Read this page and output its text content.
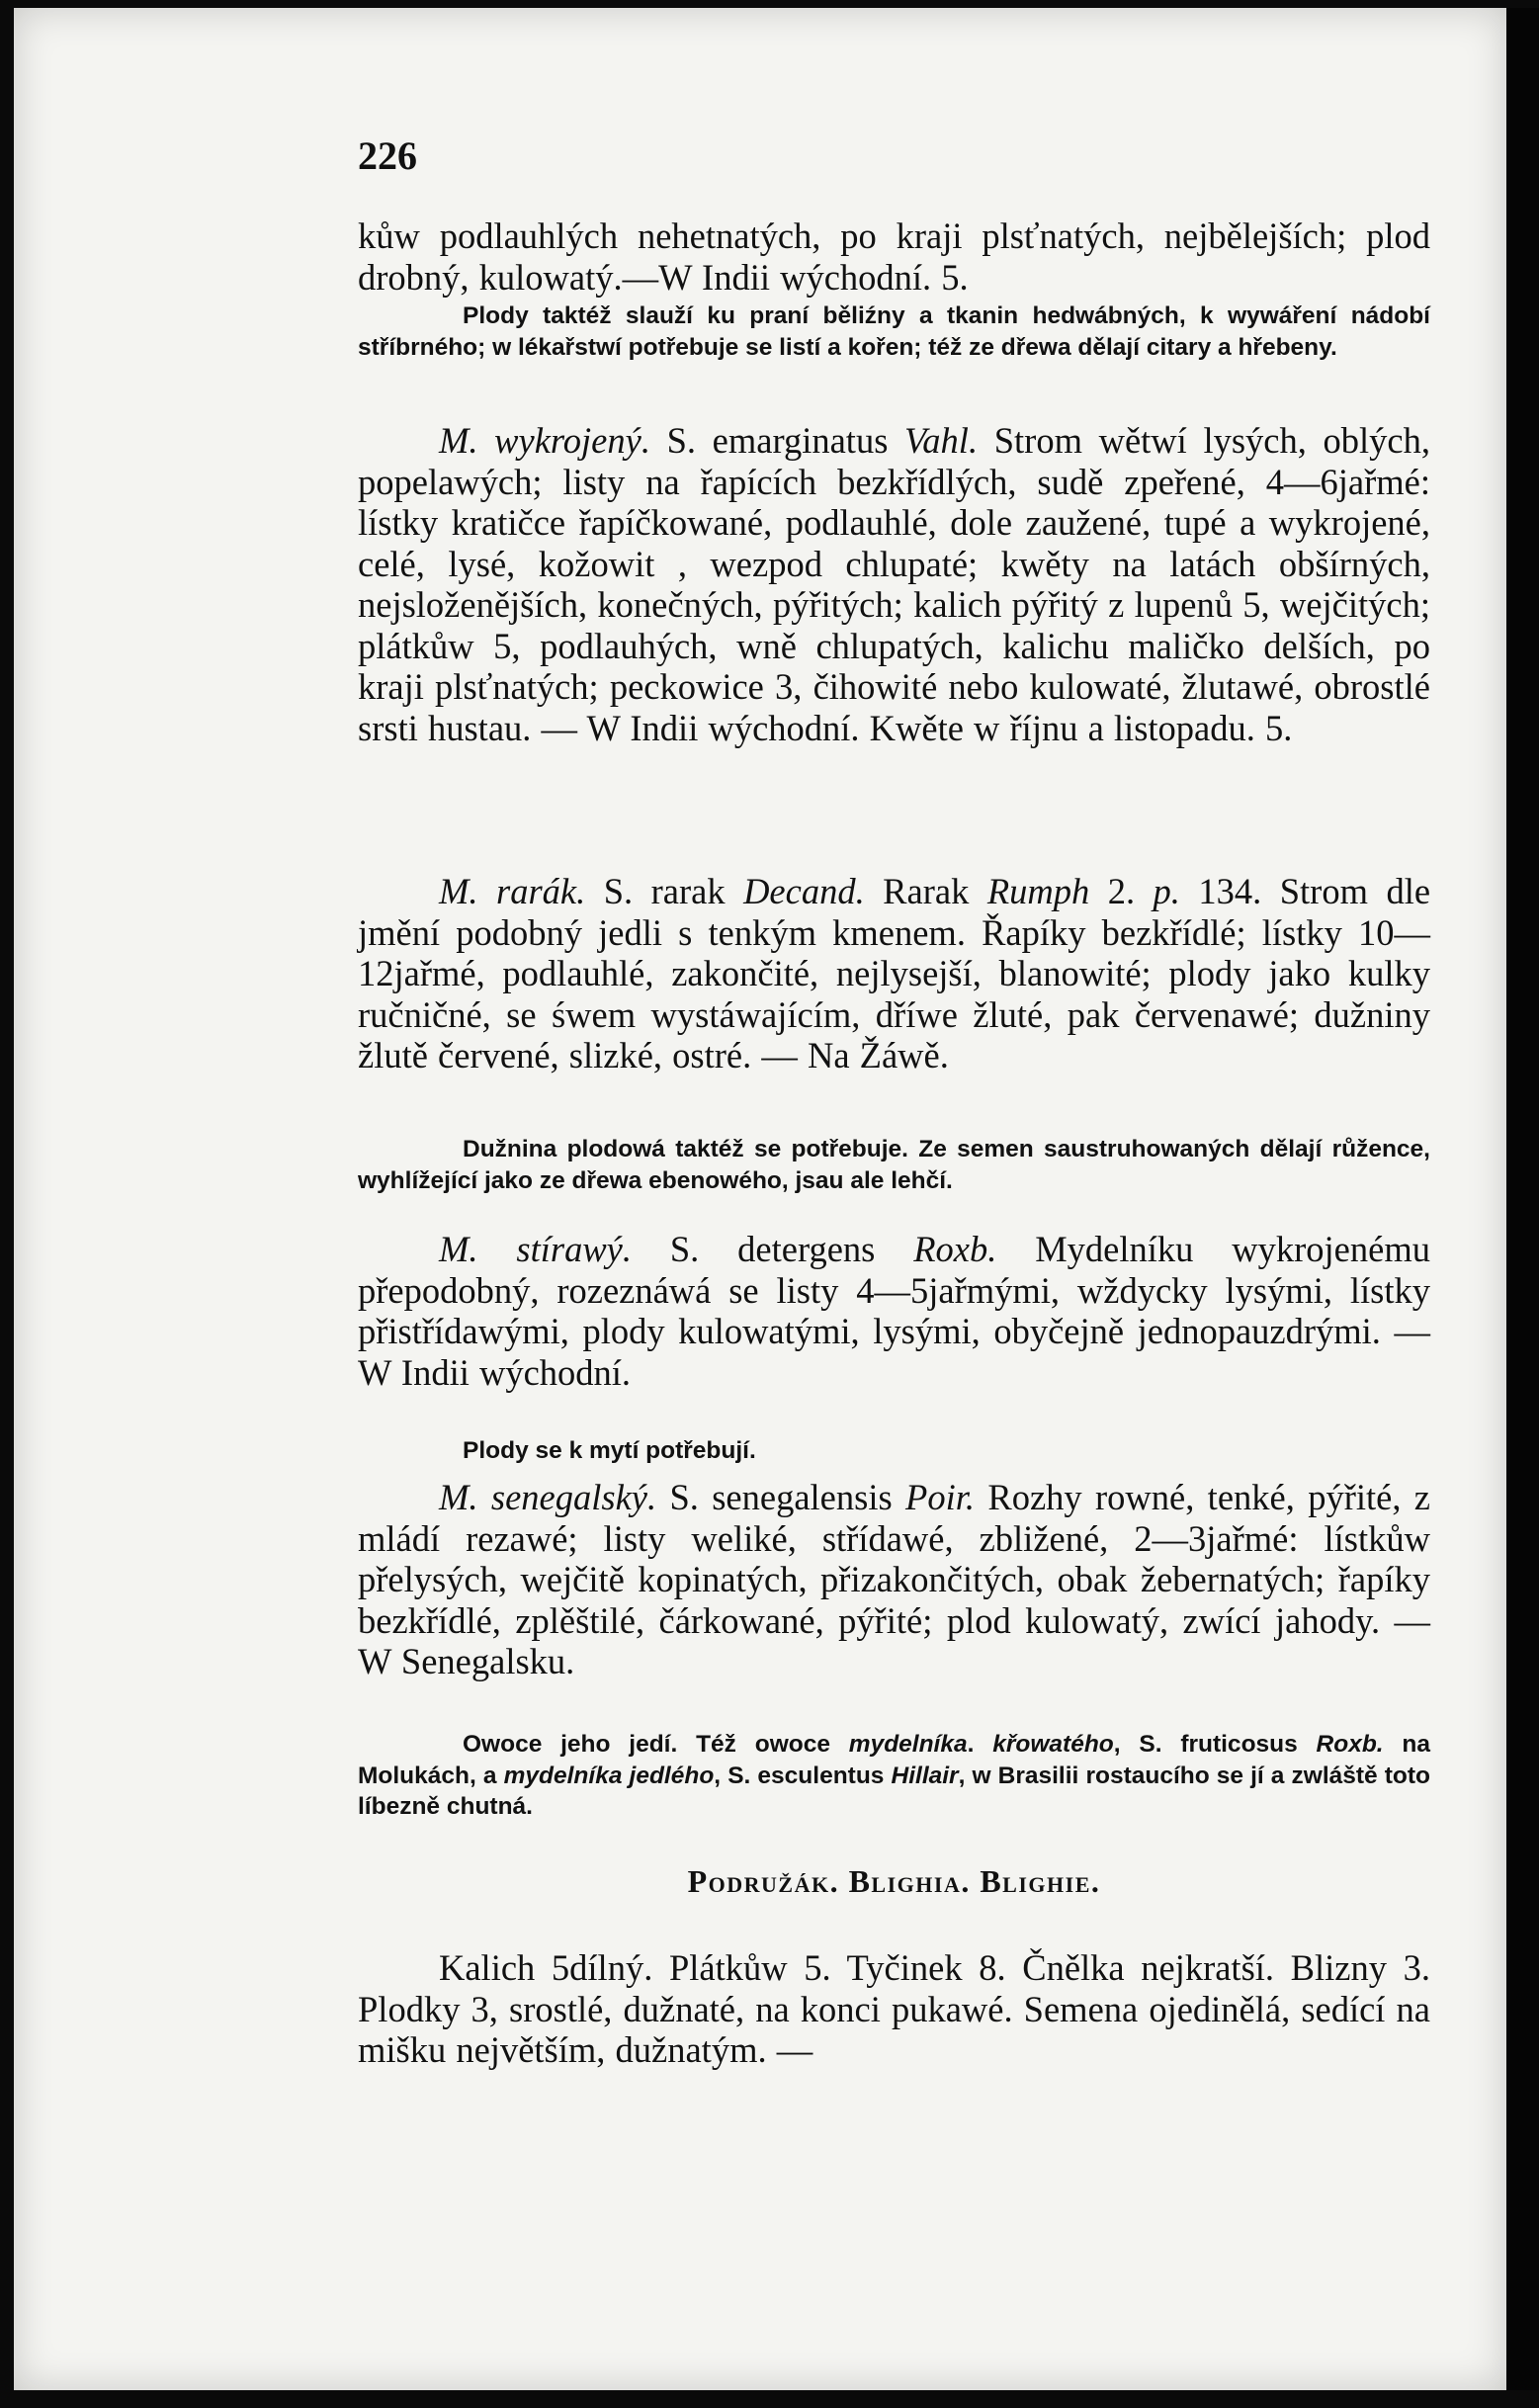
226

kůw podlauhlých nehetnatých, po kraji plsťnatých, nejbělejších; plod drobný, kulowatý.—W Indii wýchodní. 5.

Plody taktéž slauží ku praní běliźny a tkanin hedwábných, k wywáření nádobí stříbrného; w lékařstwí potřebuje se listí a kořen; též ze dřewa dělají citary a hřebeny.

M. wykrojený. S. emarginatus Vahl. Strom wětwí lysých, oblých, popelawých; listy na řapících bezkřídlých, sudě zpeřené, 4—6jařmé: lístky kratičce řapíčkowané, podlauhlé, dole zaužené, tupé a wykrojené, celé, lysé, kožowit , wezpod chlupaté; kwěty na latách obšírných, nejsloženějších, konečných, pýřitých; kalich pýřitý z lupenů 5, wejčitých; plátkůw 5, podlauhých, wně chlupatých, kalichu maličko delších, po kraji plsťnatých; peckowice 3, čihowité nebo kulowaté, žlutawé, obrostlé srsti hustau. — W Indii wýchodní. Kwěte w říjnu a listopadu. 5.

M. rarák. S. rarak Decand. Rarak Rumph 2. p. 134. Strom dle jmění podobný jedli s tenkým kmenem. Řapíky bezkřídlé; lístky 10—12jařmé, podlauhlé, zakončité, nejlysejší, blanowité; plody jako kulky ručničné, se śwem wystáwajícím, dříwe žluté, pak červenawé; dužniny žlutě červené, slizké, ostré. — Na Žáwě.

Dužnina plodowá taktéž se potřebuje. Ze semen saustruhowaných dělají růžence, wyhlížející jako ze dřewa ebenowého, jsau ale lehčí.

M. stírawý. S. detergens Roxb. Mydelníku wykrojenému přepodobný, rozeznáwá se listy 4—5jařmými, wždycky lysými, lístky přistřídawými, plody kulowatými, lysými, obyčejně jednopauzdrými. — W Indii wýchodní.

Plody se k mytí potřebují.

M. senegalský. S. senegalensis Poir. Rozhy rowné, tenké, pýřité, z mládí rezawé; listy weliké, střídawé, zbližené, 2—3jařmé: lístkůw přelysých, wejčitě kopinatých, přizakončitých, obak žebernatých; řapíky bezkřídlé, zplěštilé, čárkowané, pýřité; plod kulowatý, zwící jahody. — W Senegalsku.

Owoce jeho jedí. Též owoce mydelníka. křowatého, S. fruticosus Roxb. na Molukách, a mydelníka jedlého, S. esculentus Hillair, w Brasilii rostaucího se jí a zwláště toto líbezně chutná.

Podružák. Blighia. Blighie.

Kalich 5dílný. Plátkůw 5. Tyčinek 8. Čnělka nejkratší. Blizny 3. Plodky 3, srostlé, dužnaté, na konci pukawé. Semena ojedinělá, sedící na mišku největším, dužnatým. —
